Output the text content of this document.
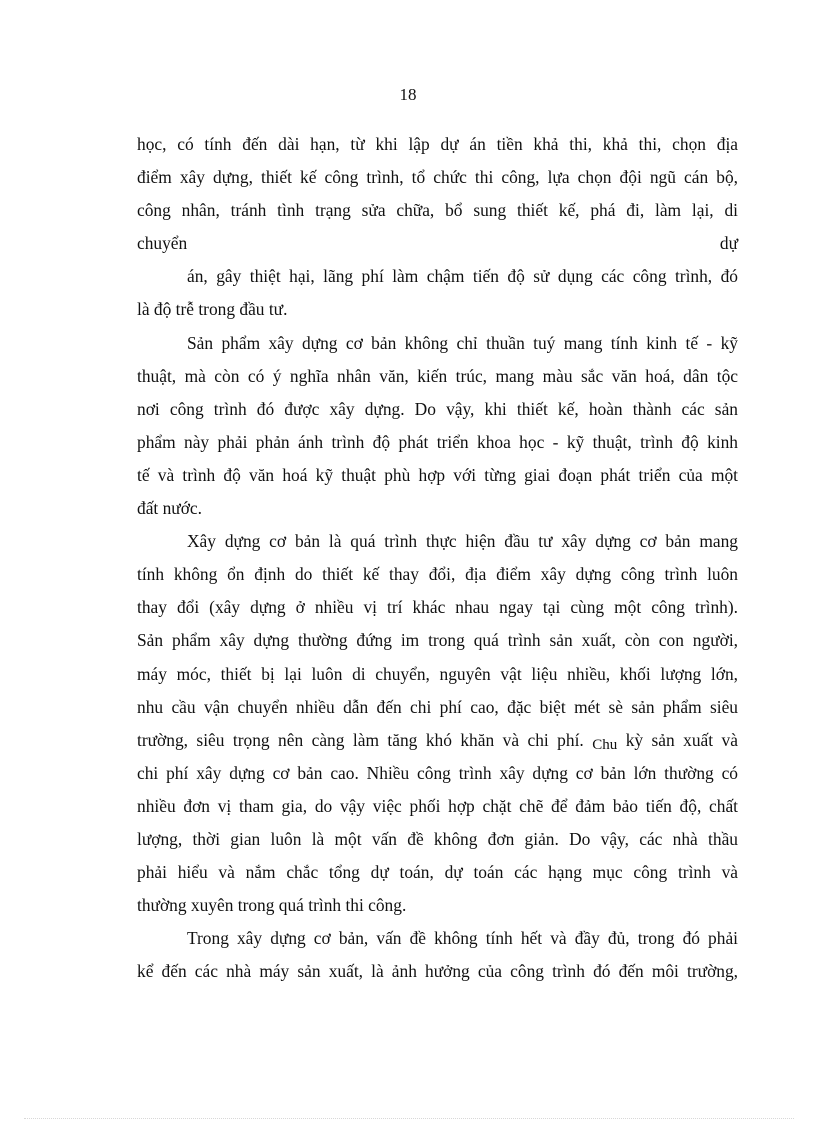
18
học, có tính đến dài hạn, từ khi lập dự án tiền khả thi, khả thi, chọn địa
điểm xây dựng, thiết kế công trình, tổ chức thi công, lựa chọn đội ngũ cán bộ,
công nhân, tránh tình trạng sửa chữa, bổ sung thiết kế, phá đi, làm lại, di
chuyển	dự
án, gây thiệt hại, lãng phí làm chậm tiến độ sử dụng các công trình, đó
là độ trễ trong đầu tư.
Sản phẩm xây dựng cơ bản không chỉ thuần tuý mang tính kinh tế - kỹ
thuật, mà còn có ý nghĩa nhân văn, kiến trúc, mang màu sắc văn hoá, dân tộc
nơi công trình đó được xây dựng. Do vậy, khi thiết kế, hoàn thành các sản
phẩm này phải phản ánh trình độ phát triển khoa học - kỹ thuật, trình độ kinh
tế và trình độ văn hoá kỹ thuật phù hợp với từng giai đoạn phát triển của một
đất nước.
Xây dựng cơ bản là quá trình thực hiện đầu tư xây dựng cơ bản mang
tính không ổn định do thiết kế thay đổi, địa điểm xây dựng công trình luôn
thay đổi (xây dựng ở nhiều vị trí khác nhau ngay tại cùng một công trình).
Sản phẩm xây dựng thường đứng im trong quá trình sản xuất, còn con người,
máy móc, thiết bị lại luôn di chuyển, nguyên vật liệu nhiều, khối lượng lớn,
nhu cầu vận chuyển nhiều dẫn đến chi phí cao, đặc biệt mét sè sản phẩm siêu
trường, siêu trọng nên càng làm tăng khó khăn và chi phí. Chu kỳ sản xuất và
chi phí xây dựng cơ bản cao. Nhiều công trình xây dựng cơ bản lớn thường có
nhiều đơn vị tham gia, do vậy việc phối hợp chặt chẽ để đảm bảo tiến độ, chất
lượng, thời gian luôn là một vấn đề không đơn giản. Do vậy, các nhà thầu
phải hiểu và nắm chắc tổng dự toán, dự toán các hạng mục công trình và
thường xuyên trong quá trình thi công.
Trong xây dựng cơ bản, vấn đề không tính hết và đầy đủ, trong đó phải
kể đến các nhà máy sản xuất, là ảnh hưởng của công trình đó đến môi trường,
